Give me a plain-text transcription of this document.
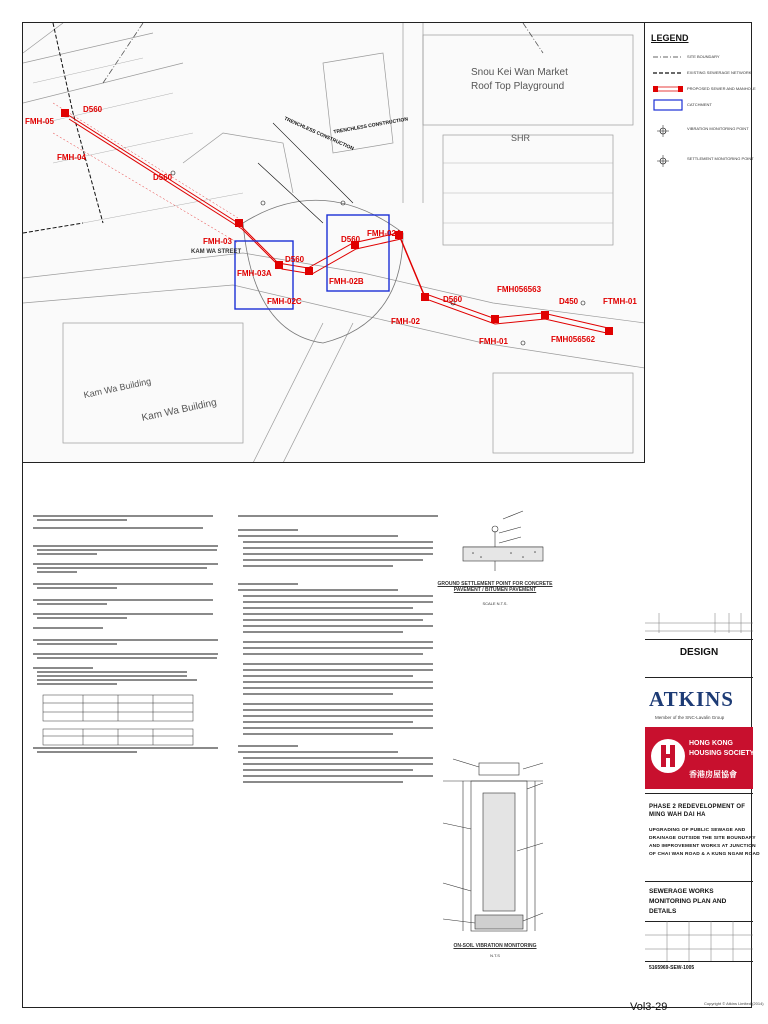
FMH-05
FMH-04
FMH-03
FMH-03A
FMH-02C
FMH-02B
FMH-02A
FMH-02
FMH-01
FMH056563
FMH056562
FTMH-01
D560
D560
D560
D560
D560	D450
KAM WA STREET
Kam Wa Building
Kam Wa Building
Snou Kei Wan Market
Roof Top Playground
SHR
TRENCHLESS CONSTRUCTION
TRENCHLESS CONSTRUCTION
LEGEND
SITE BOUNDARY
EXISTING SEWERAGE NETWORK
PROPOSED SEWER AND MANHOLE
CATCHMENT
VIBRATION MONITORING POINT
SETTLEMENT MONITORING POINT
GROUND SETTLEMENT POINT FOR CONCRETE PAVEMENT / BITUMEN PAVEMENT
SCALE N.T.S.
ON-SOIL VIBRATION MONITORING
N.T.S
DESIGN
ATKINS
Member of the SNC-Lavalin Group
HONG KONG
HOUSING SOCIETY
香港房屋協會
PHASE 2 REDEVELOPMENT OF
MING WAH DAI HA
UPGRADING OF PUBLIC SEWAGE AND
DRAINAGE OUTSIDE THE SITE BOUNDARY
AND IMPROVEMENT WORKS AT JUNCTION
OF CHAI WAN ROAD & A KUNG NGAM ROAD
SEWERAGE WORKS
MONITORING PLAN AND DETAILS
5165969-SEW-1005
Vol3-29	Copyright © Atkins Limited (2014)
